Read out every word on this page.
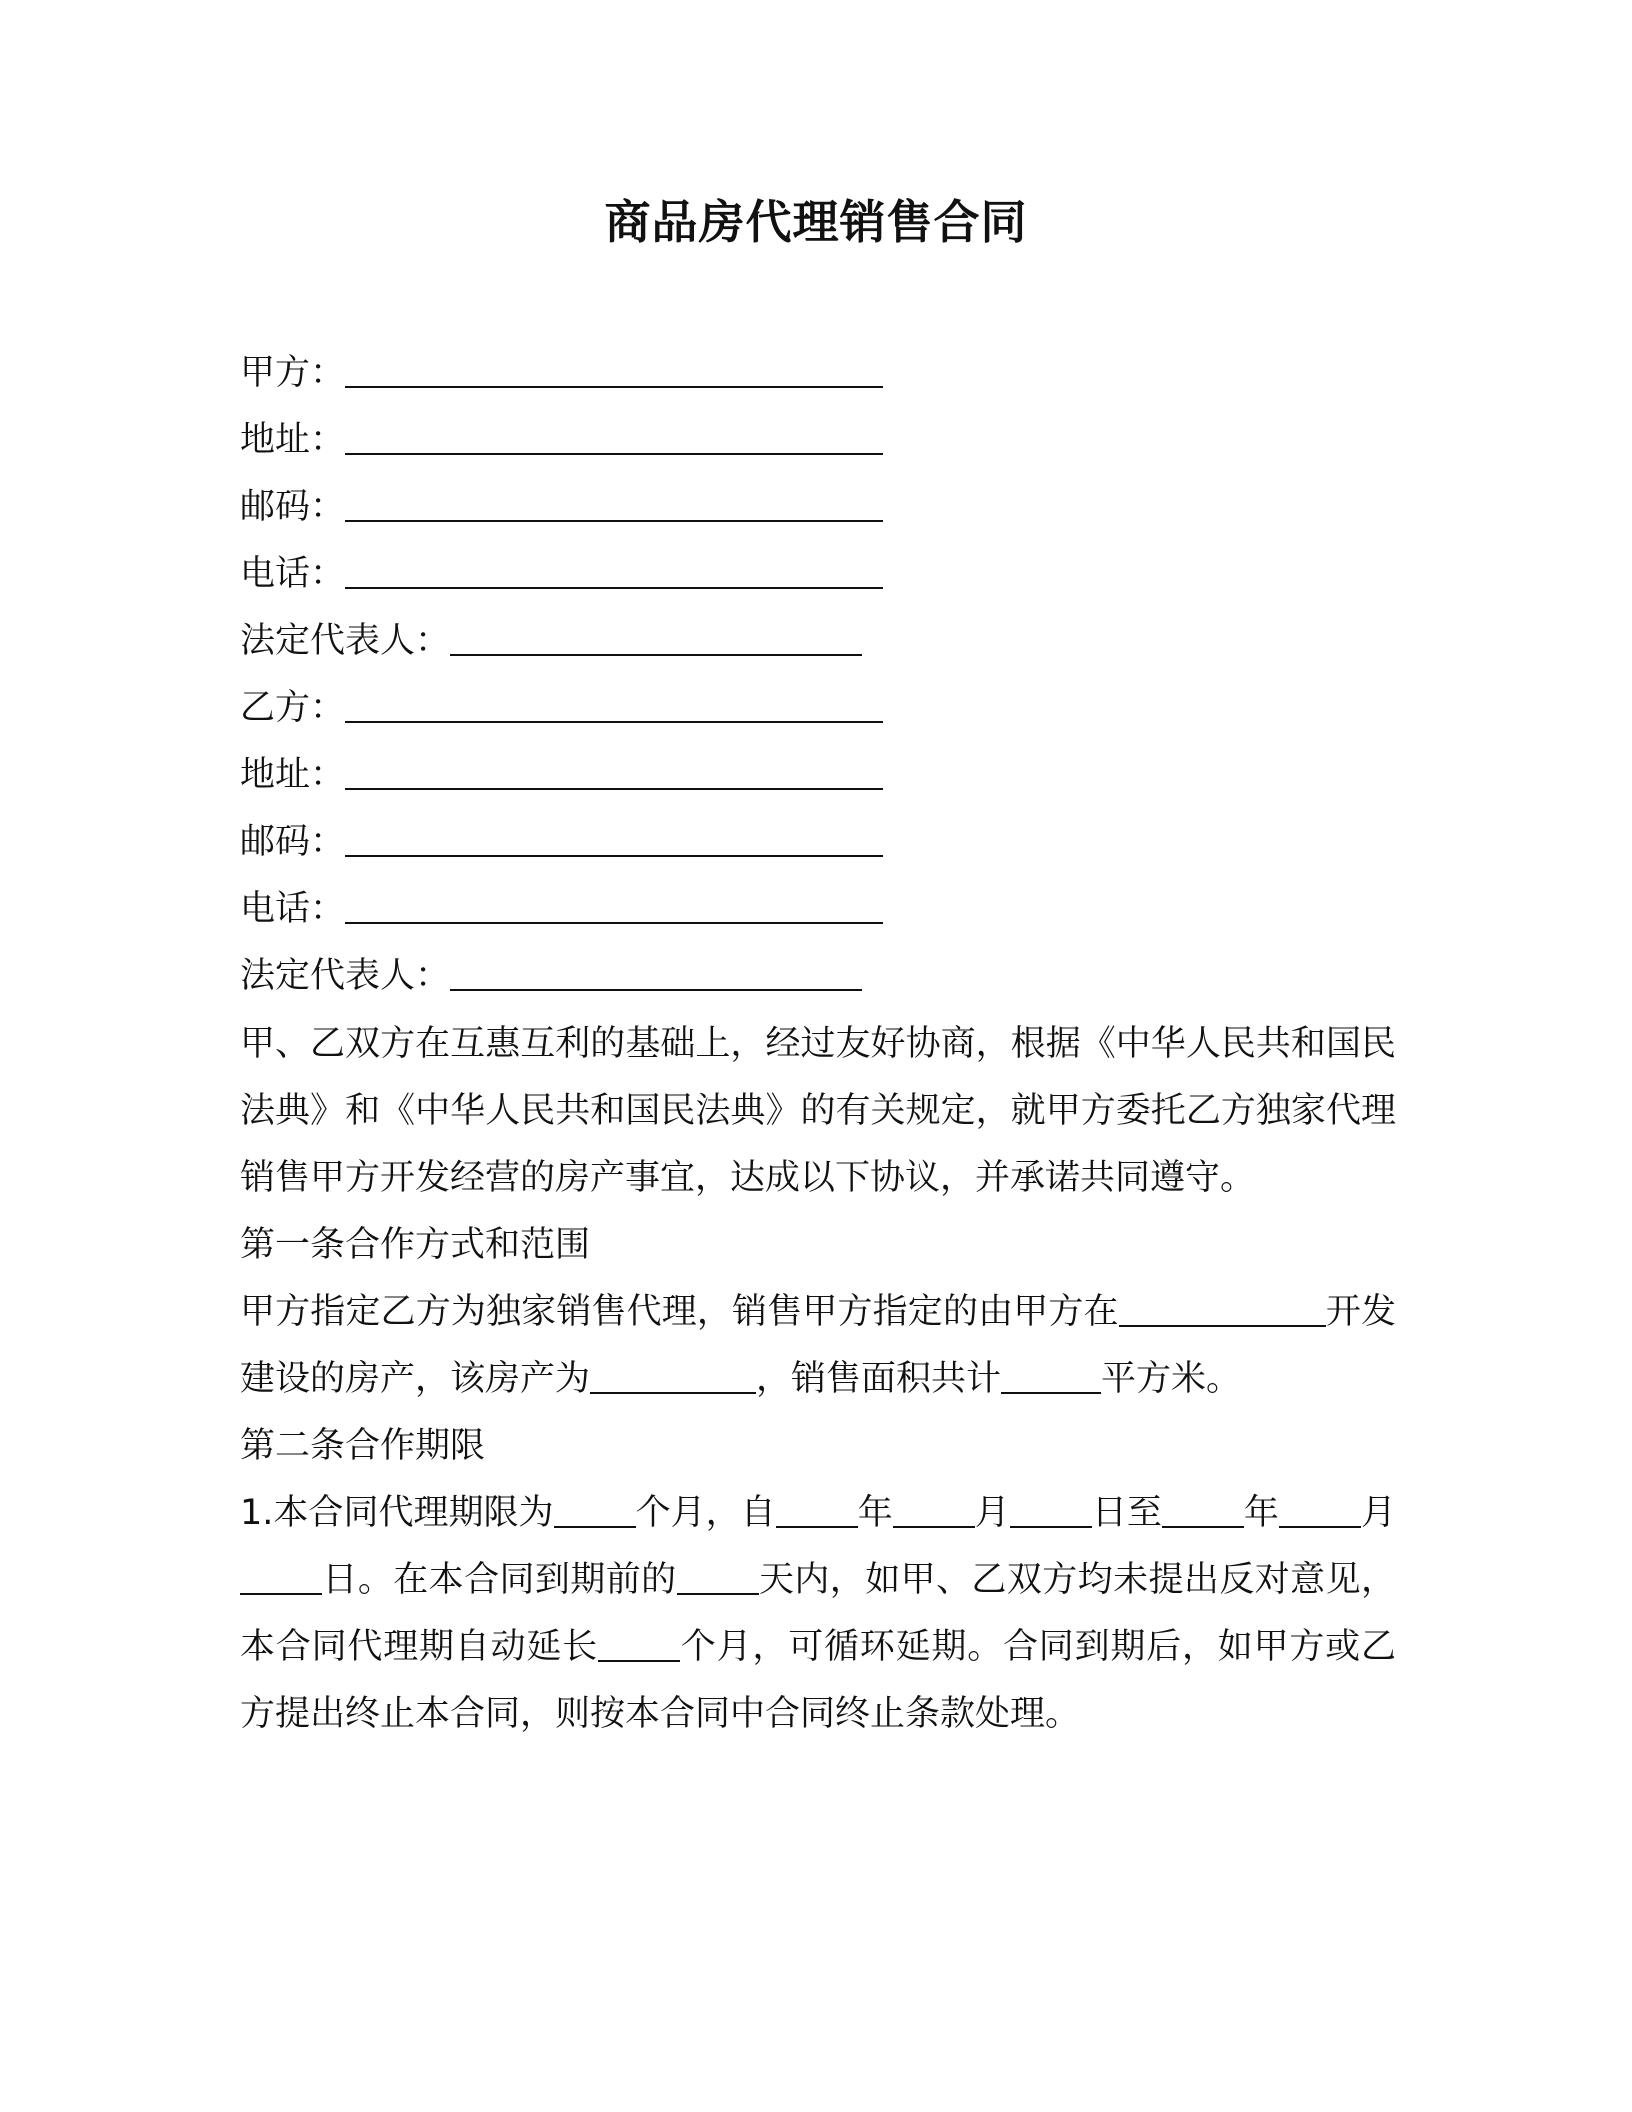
商品房代理销售合同
甲方：
地址：
邮码：
电话：
法定代表人：
乙方：
地址：
邮码：
电话：
法定代表人：

甲、乙双方在互惠互利的基础上，经过友好协商，根据《中华人民共和国民法典》和《中华人民共和国民法典》的有关规定，就甲方委托乙方独家代理销售甲方开发经营的房产事宜，达成以下协议，并承诺共同遵守。

第一条合作方式和范围

甲方指定乙方为独家销售代理，销售甲方指定的由甲方在	开发建设的房产，该房产为	，销售面积共计	平方米。

第二条合作期限

1.本合同代理期限为 个月，自 年 月 日至 年 月日。在本合同到期前的 天内，如甲、乙双方均未提出反对意见，本合同代理期自动延长 个月，可循环延期。合同到期后，如甲方或乙方提出终止本合同，则按本合同中合同终止条款处理。
